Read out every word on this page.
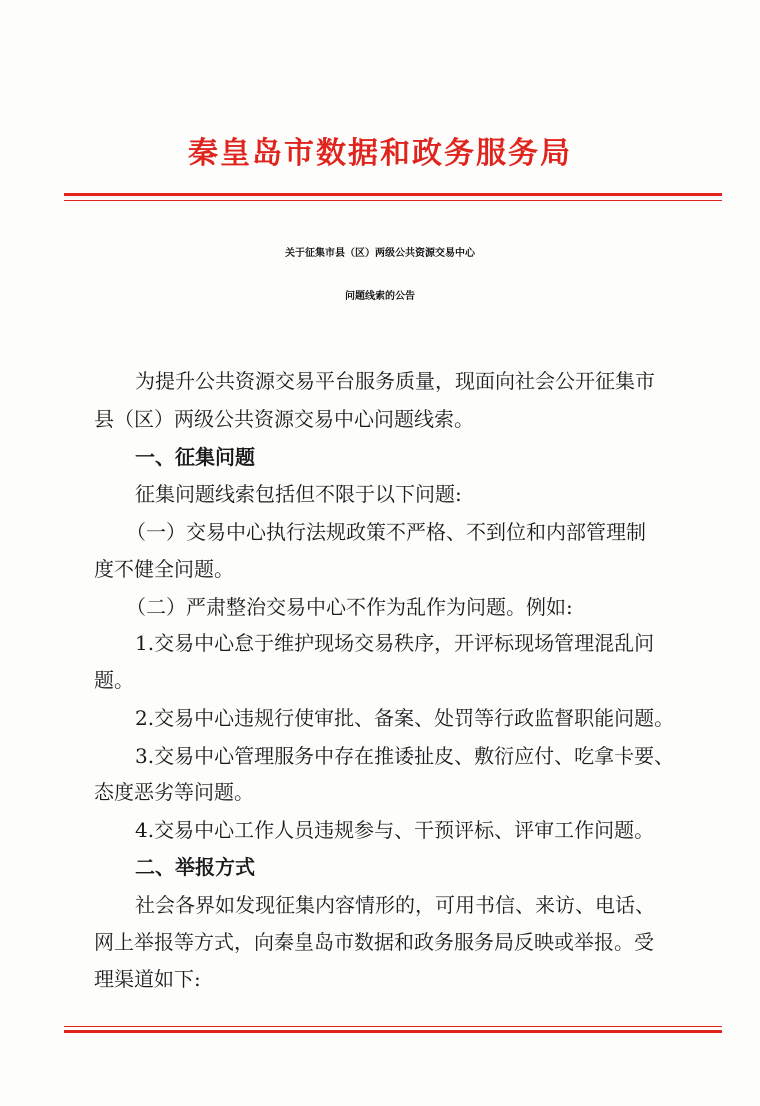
秦皇岛市数据和政务服务局
关于征集市县（区）两级公共资源交易中心
问题线索的公告
为提升公共资源交易平台服务质量，现面向社会公开征集市
县（区）两级公共资源交易中心问题线索。
一、征集问题
征集问题线索包括但不限于以下问题:
（一）交易中心执行法规政策不严格、不到位和内部管理制
度不健全问题。
（二）严肃整治交易中心不作为乱作为问题。例如:
1.交易中心怠于维护现场交易秩序，开评标现场管理混乱问
题。
2.交易中心违规行使审批、备案、处罚等行政监督职能问题。
3.交易中心管理服务中存在推诿扯皮、敷衍应付、吃拿卡要、
态度恶劣等问题。
4.交易中心工作人员违规参与、干预评标、评审工作问题。
二、举报方式
社会各界如发现征集内容情形的，可用书信、来访、电话、
网上举报等方式，向秦皇岛市数据和政务服务局反映或举报。受
理渠道如下:
